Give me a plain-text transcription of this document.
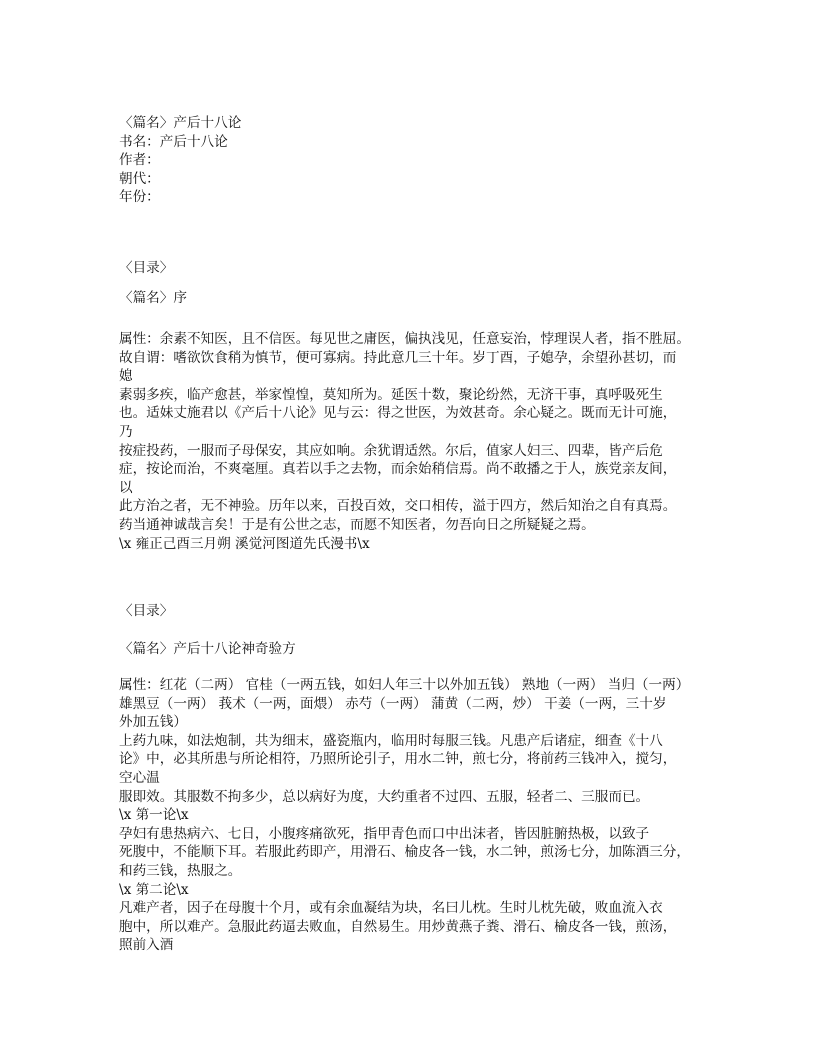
〈篇名〉产后十八论
书名：产后十八论
作者：
朝代：
年份：
〈目录〉
〈篇名〉序
属性：余素不知医，且不信医。每见世之庸医，偏执浅见，任意妄治，悖理误人者，指不胜屈。
故自谓：嗜欲饮食稍为慎节，便可寡病。持此意几三十年。岁丁酉，子媳孕，余望孙甚切，而
媳
素弱多疾，临产愈甚，举家惶惶，莫知所为。延医十数，聚论纷然，无济干事，真呼吸死生
也。适妹丈施君以《产后十八论》见与云：得之世医，为效甚奇。余心疑之。既而无计可施，
乃
按症投药，一服而子母保安，其应如响。余犹谓适然。尔后，值家人妇三、四辈，皆产后危
症，按论而治，不爽毫厘。真若以手之去物，而余始稍信焉。尚不敢播之于人，族党亲友间，
以
此方治之者，无不神验。历年以来，百投百效，交口相传，溢于四方，然后知治之自有真焉。
药当通神诚哉言矣！于是有公世之志，而愿不知医者，勿吾向日之所疑疑之焉。
\x 雍正己酉三月朔 溪觉河图道先氏漫书\x
〈目录〉
〈篇名〉产后十八论神奇验方
属性：红花（二两） 官桂（一两五钱，如妇人年三十以外加五钱） 熟地（一两） 当归（一两）
雄黑豆（一两） 莪术（一两，面煨） 赤芍（一两） 蒲黄（二两，炒） 干姜（一两，三十岁
外加五钱）
上药九味，如法炮制，共为细末，盛瓷瓶内，临用时每服三钱。凡患产后诸症，细查《十八
论》中，必其所患与所论相符，乃照所论引子，用水二钟，煎七分，将前药三钱冲入，搅匀，
空心温
服即效。其服数不拘多少，总以病好为度，大约重者不过四、五服，轻者二、三服而已。
\x 第一论\x
孕妇有患热病六、七日，小腹疼痛欲死，指甲青色而口中出沫者，皆因脏腑热极，以致子
死腹中，不能顺下耳。若服此药即产，用滑石、榆皮各一钱，水二钟，煎汤七分，加陈酒三分，
和药三钱，热服之。
\x 第二论\x
凡难产者，因子在母腹十个月，或有余血凝结为块，名曰儿枕。生时儿枕先破，败血流入衣
胞中，所以难产。急服此药逼去败血，自然易生。用炒黄燕子粪、滑石、榆皮各一钱，煎汤，
照前入酒
